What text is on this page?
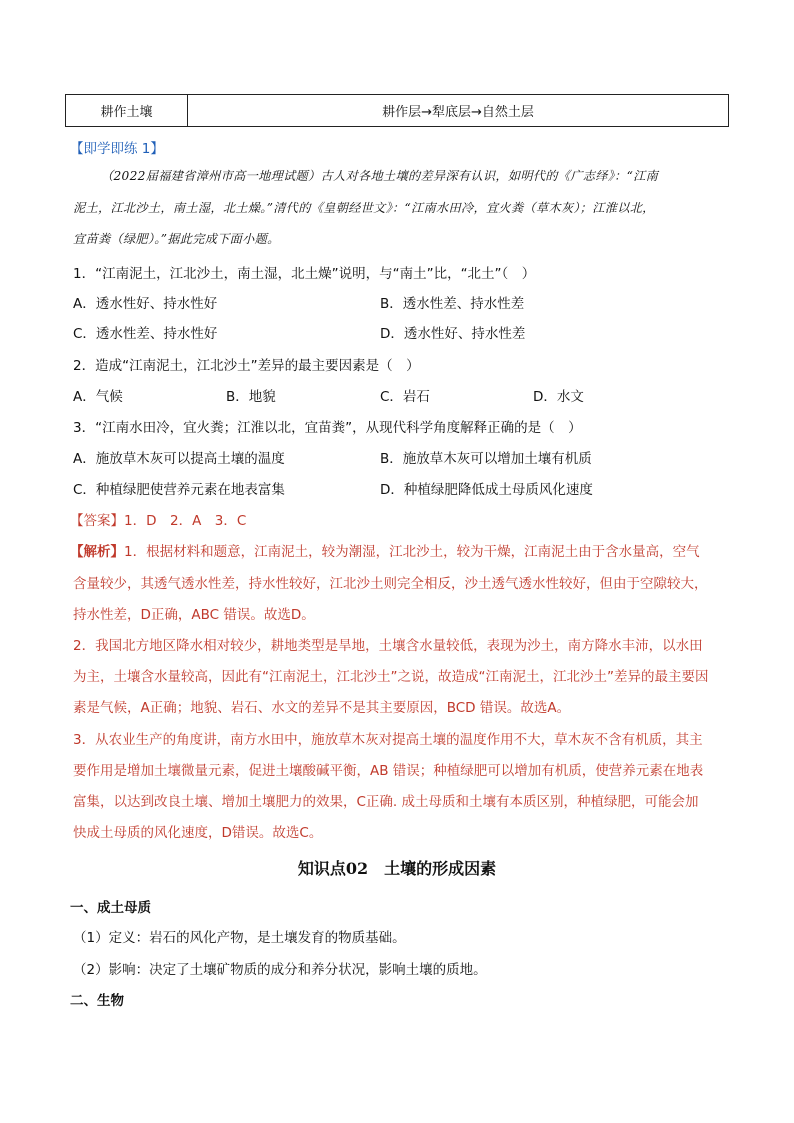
耕作土壤	耕作层→犁底层→自然土层
【即学即练 1】
（2022届福建省漳州市高一地理试题）古人对各地土壤的差异深有认识，如明代的《广志绎》：“江南
泥土，江北沙土，南土湿，北土燥。”清代的《皇朝经世文》：“江南水田冷，宜火粪（草木灰）；江淮以北，
宜苗粪（绿肥）。”据此完成下面小题。
1．“江南泥土，江北沙土，南土湿，北土燥”说明，与“南土”比，“北土”（　）
A．透水性好、持水性好	B．透水性差、持水性差
C．透水性差、持水性好	D．透水性好、持水性差
2．造成“江南泥土，江北沙土”差异的最主要因素是（　）
A．气候	B．地貌	C．岩石	D．水文
3．“江南水田冷，宜火粪；江淮以北，宜苗粪”，从现代科学角度解释正确的是（　）
A．施放草木灰可以提高土壤的温度	B．施放草木灰可以增加土壤有机质
C．种植绿肥使营养元素在地表富集	D．种植绿肥降低成土母质风化速度
【答案】1．D　2．A　3．C
【解析】1．根据材料和题意，江南泥土，较为潮湿，江北沙土，较为干燥，江南泥土由于含水量高，空气
含量较少，其透气透水性差，持水性较好，江北沙土则完全相反，沙土透气透水性较好，但由于空隙较大，
持水性差，D正确，ABC 错误。故选D。
2．我国北方地区降水相对较少，耕地类型是旱地，土壤含水量较低，表现为沙土，南方降水丰沛，以水田
为主，土壤含水量较高，因此有“江南泥土，江北沙土”之说，故造成“江南泥土，江北沙土”差异的最主要因
素是气候，A正确；地貌、岩石、水文的差异不是其主要原因，BCD 错误。故选A。
3．从农业生产的角度讲，南方水田中，施放草木灰对提高土壤的温度作用不大，草木灰不含有机质，其主
要作用是增加土壤微量元素，促进土壤酸碱平衡，AB 错误；种植绿肥可以增加有机质，使营养元素在地表
富集，以达到改良土壤、增加土壤肥力的效果，C正确. 成土母质和土壤有本质区别，种植绿肥，可能会加
快成土母质的风化速度，D错误。故选C。
知识点02　土壤的形成因素
一、成土母质
（1）定义：岩石的风化产物，是土壤发育的物质基础。
（2）影响：决定了土壤矿物质的成分和养分状况，影响土壤的质地。
二、生物
